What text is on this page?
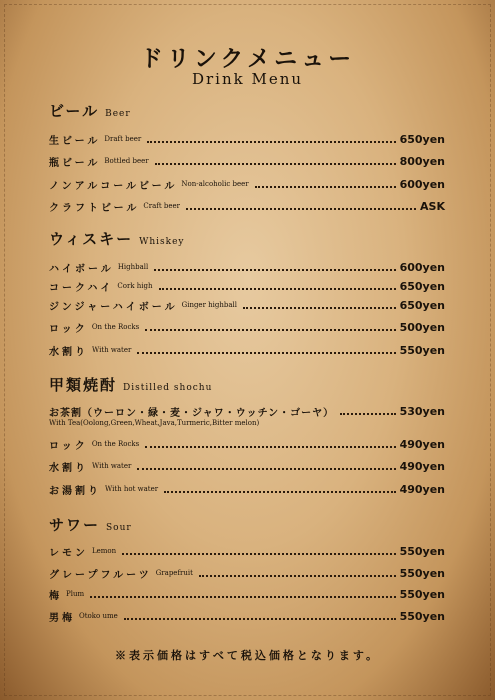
ドリンクメニュー
Drink Menu
ビール Beer
生ビール Draft beer	650yen
瓶ビール Bottled beer	800yen
ノンアルコールビール Non-alcoholic beer	600yen
クラフトビール Craft beer	ASK
ウィスキー Whiskey
ハイボール Highball	600yen
コークハイ Cork high	650yen
ジンジャーハイボール Ginger highball	650yen
ロック On the Rocks	500yen
水割り With water	550yen
甲類焼酎 Distilled shochu
お茶割（ウーロン・緑・麦・ジャワ・ウッチン・ゴーヤ）	530yen
With Tea(Oolong,Green,Wheat,Java,Turmeric,Bitter melon)
ロック On the Rocks	490yen
水割り With water	490yen
お湯割り With hot water	490yen
サワー Sour
レモン Lemon	550yen
グレープフルーツ Grapefruit	550yen
梅 Plum	550yen
男梅 Otoko ume	550yen
※表示価格はすべて税込価格となります。
